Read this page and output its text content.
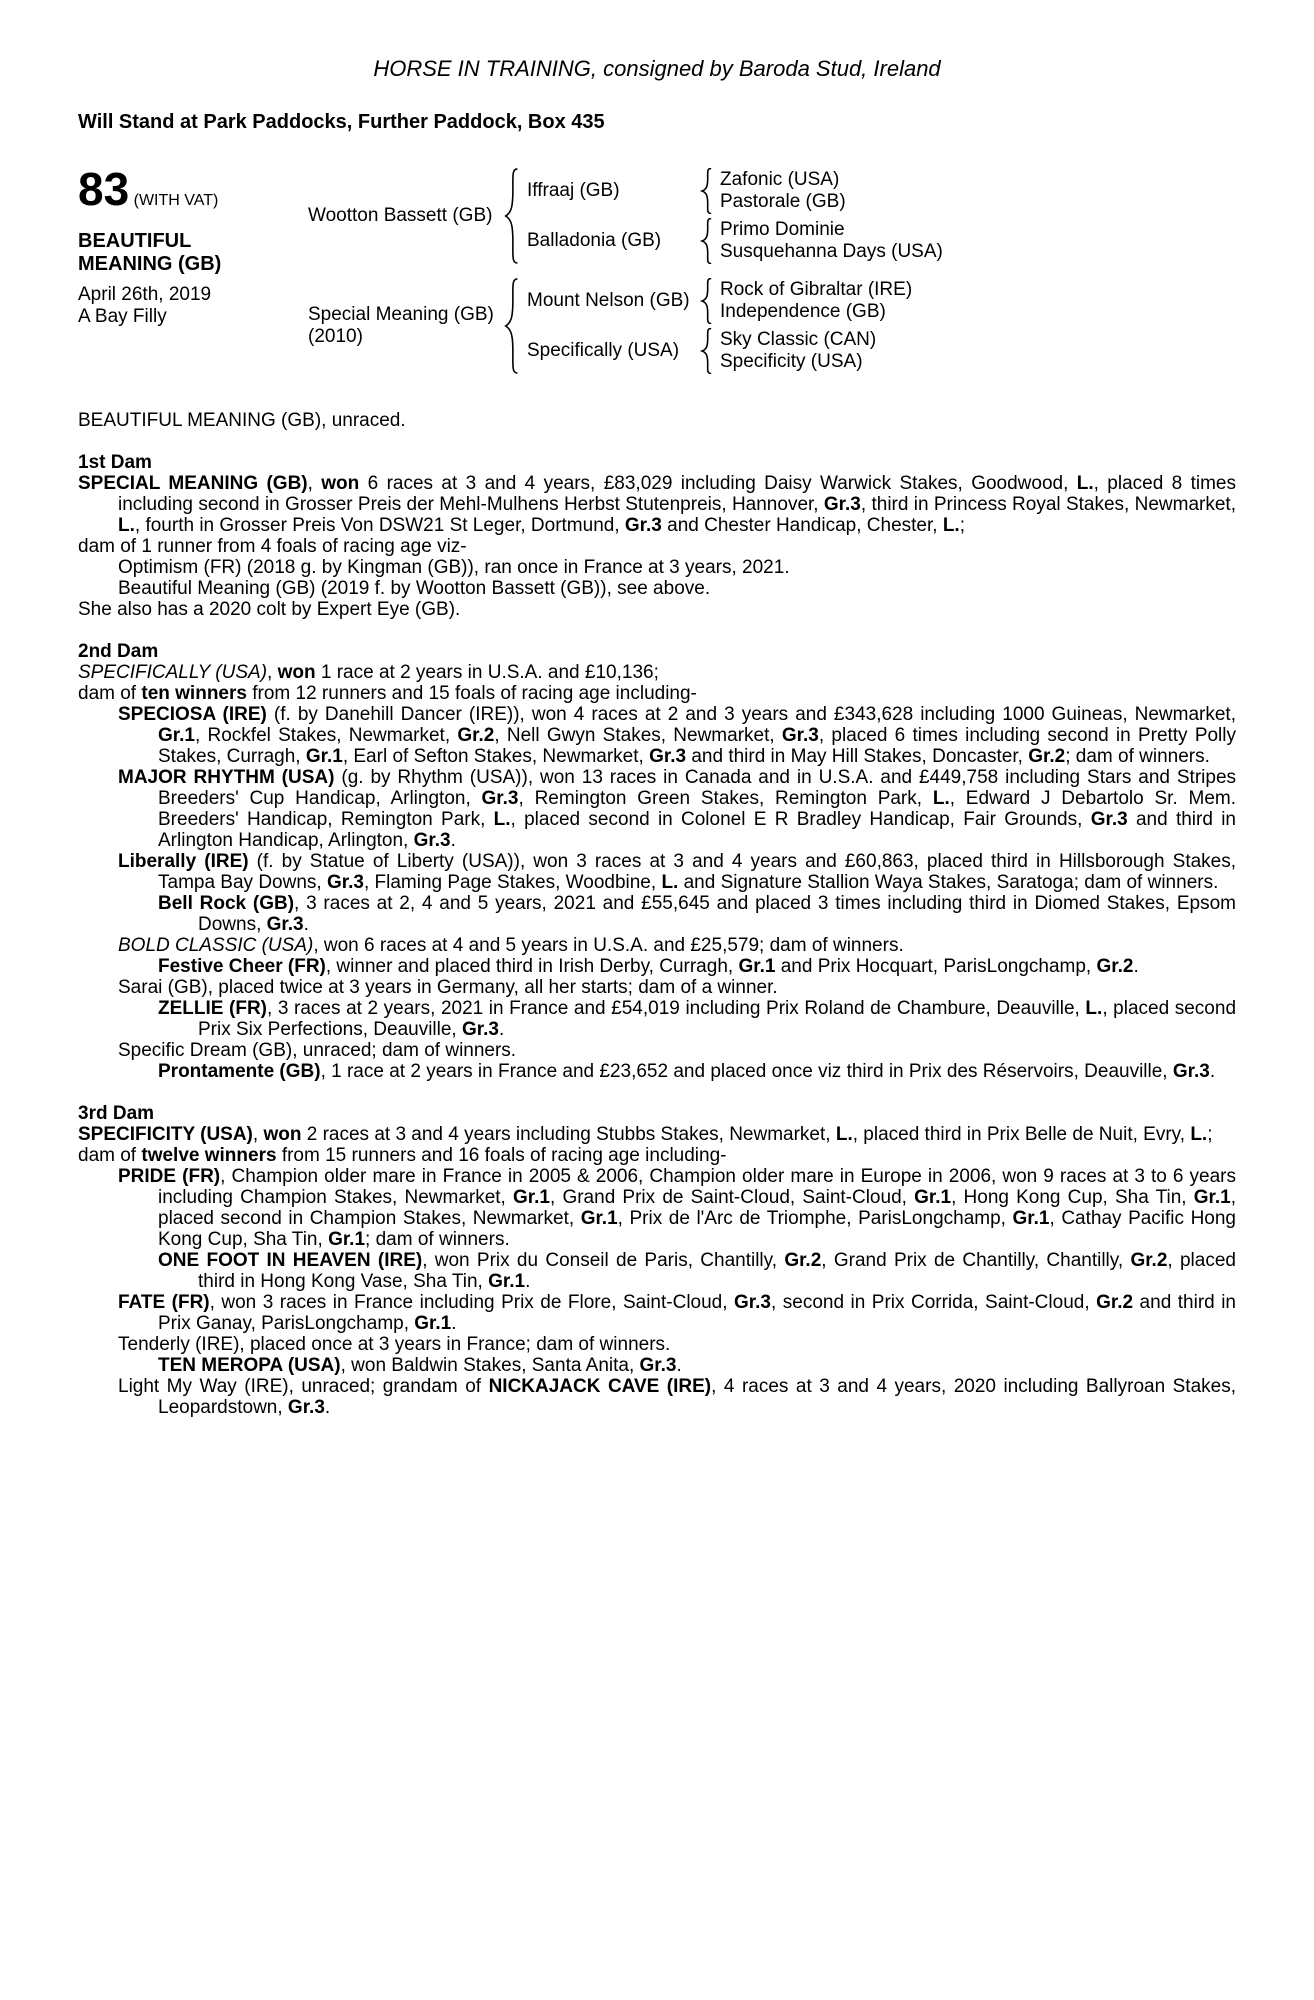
HORSE IN TRAINING, consigned by Baroda Stud, Ireland
Will Stand at Park Paddocks, Further Paddock, Box 435
83 (WITH VAT)
BEAUTIFUL MEANING (GB)
April 26th, 2019
A Bay Filly
Wootton Bassett (GB)
Iffraaj (GB)
Zafonic (USA)
Pastorale (GB)
Balladonia (GB)
Primo Dominie
Susquehanna Days (USA)
Special Meaning (GB)
(2010)
Mount Nelson (GB)
Rock of Gibraltar (IRE)
Independence (GB)
Specifically (USA)
Sky Classic (CAN)
Specificity (USA)

BEAUTIFUL MEANING (GB), unraced.

1st Dam

SPECIAL MEANING (GB), won 6 races at 3 and 4 years, £83,029 including Daisy Warwick Stakes, Goodwood, L., placed 8 times including second in Grosser Preis der Mehl-Mulhens Herbst Stutenpreis, Hannover, Gr.3, third in Princess Royal Stakes, Newmarket, L., fourth in Grosser Preis Von DSW21 St Leger, Dortmund, Gr.3 and Chester Handicap, Chester, L.;

dam of 1 runner from 4 foals of racing age viz-

Optimism (FR) (2018 g. by Kingman (GB)), ran once in France at 3 years, 2021.

Beautiful Meaning (GB) (2019 f. by Wootton Bassett (GB)), see above.

She also has a 2020 colt by Expert Eye (GB).

2nd Dam

SPECIFICALLY (USA), won 1 race at 2 years in U.S.A. and £10,136;

dam of ten winners from 12 runners and 15 foals of racing age including-

SPECIOSA (IRE) (f. by Danehill Dancer (IRE)), won 4 races at 2 and 3 years and £343,628 including 1000 Guineas, Newmarket, Gr.1, Rockfel Stakes, Newmarket, Gr.2, Nell Gwyn Stakes, Newmarket, Gr.3, placed 6 times including second in Pretty Polly Stakes, Curragh, Gr.1, Earl of Sefton Stakes, Newmarket, Gr.3 and third in May Hill Stakes, Doncaster, Gr.2; dam of winners.

MAJOR RHYTHM (USA) (g. by Rhythm (USA)), won 13 races in Canada and in U.S.A. and £449,758 including Stars and Stripes Breeders' Cup Handicap, Arlington, Gr.3, Remington Green Stakes, Remington Park, L., Edward J Debartolo Sr. Mem. Breeders' Handicap, Remington Park, L., placed second in Colonel E R Bradley Handicap, Fair Grounds, Gr.3 and third in Arlington Handicap, Arlington, Gr.3.

Liberally (IRE) (f. by Statue of Liberty (USA)), won 3 races at 3 and 4 years and £60,863, placed third in Hillsborough Stakes, Tampa Bay Downs, Gr.3, Flaming Page Stakes, Woodbine, L. and Signature Stallion Waya Stakes, Saratoga; dam of winners.

Bell Rock (GB), 3 races at 2, 4 and 5 years, 2021 and £55,645 and placed 3 times including third in Diomed Stakes, Epsom Downs, Gr.3.

BOLD CLASSIC (USA), won 6 races at 4 and 5 years in U.S.A. and £25,579; dam of winners.

Festive Cheer (FR), winner and placed third in Irish Derby, Curragh, Gr.1 and Prix Hocquart, ParisLongchamp, Gr.2.

Sarai (GB), placed twice at 3 years in Germany, all her starts; dam of a winner.

ZELLIE (FR), 3 races at 2 years, 2021 in France and £54,019 including Prix Roland de Chambure, Deauville, L., placed second Prix Six Perfections, Deauville, Gr.3.

Specific Dream (GB), unraced; dam of winners.

Prontamente (GB), 1 race at 2 years in France and £23,652 and placed once viz third in Prix des Réservoirs, Deauville, Gr.3.

3rd Dam

SPECIFICITY (USA), won 2 races at 3 and 4 years including Stubbs Stakes, Newmarket, L., placed third in Prix Belle de Nuit, Evry, L.;

dam of twelve winners from 15 runners and 16 foals of racing age including-

PRIDE (FR), Champion older mare in France in 2005 & 2006, Champion older mare in Europe in 2006, won 9 races at 3 to 6 years including Champion Stakes, Newmarket, Gr.1, Grand Prix de Saint-Cloud, Saint-Cloud, Gr.1, Hong Kong Cup, Sha Tin, Gr.1, placed second in Champion Stakes, Newmarket, Gr.1, Prix de l'Arc de Triomphe, ParisLongchamp, Gr.1, Cathay Pacific Hong Kong Cup, Sha Tin, Gr.1; dam of winners.

ONE FOOT IN HEAVEN (IRE), won Prix du Conseil de Paris, Chantilly, Gr.2, Grand Prix de Chantilly, Chantilly, Gr.2, placed third in Hong Kong Vase, Sha Tin, Gr.1.

FATE (FR), won 3 races in France including Prix de Flore, Saint-Cloud, Gr.3, second in Prix Corrida, Saint-Cloud, Gr.2 and third in Prix Ganay, ParisLongchamp, Gr.1.

Tenderly (IRE), placed once at 3 years in France; dam of winners.

TEN MEROPA (USA), won Baldwin Stakes, Santa Anita, Gr.3.

Light My Way (IRE), unraced; grandam of NICKAJACK CAVE (IRE), 4 races at 3 and 4 years, 2020 including Ballyroan Stakes, Leopardstown, Gr.3.
